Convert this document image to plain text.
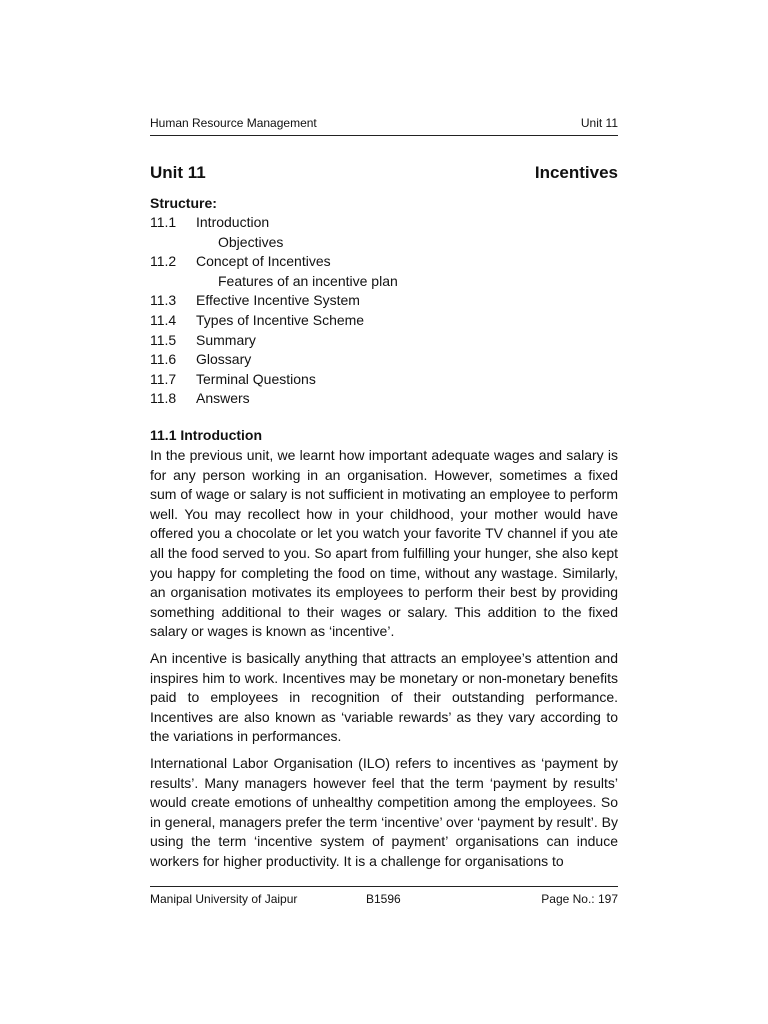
Human Resource Management	Unit 11
Unit 11	Incentives
Structure:
11.1	Introduction
Objectives
11.2	Concept of Incentives
Features of an incentive plan
11.3	Effective Incentive System
11.4	Types of Incentive Scheme
11.5	Summary
11.6	Glossary
11.7	Terminal Questions
11.8	Answers
11.1 Introduction

In the previous unit, we learnt how important adequate wages and salary is for any person working in an organisation. However, sometimes a fixed sum of wage or salary is not sufficient in motivating an employee to perform well. You may recollect how in your childhood, your mother would have offered you a chocolate or let you watch your favorite TV channel if you ate all the food served to you. So apart from fulfilling your hunger, she also kept you happy for completing the food on time, without any wastage. Similarly, an organisation motivates its employees to perform their best by providing something additional to their wages or salary. This addition to the fixed salary or wages is known as ‘incentive’.

An incentive is basically anything that attracts an employee’s attention and inspires him to work. Incentives may be monetary or non-monetary benefits paid to employees in recognition of their outstanding performance. Incentives are also known as ‘variable rewards’ as they vary according to the variations in performances.

International Labor Organisation (ILO) refers to incentives as ‘payment by results’. Many managers however feel that the term ‘payment by results’ would create emotions of unhealthy competition among the employees. So in general, managers prefer the term ‘incentive’ over ‘payment by result’. By using the term ‘incentive system of payment’ organisations can induce workers for higher productivity. It is a challenge for organisations to

Manipal University of Jaipur	B1596	Page No.: 197
